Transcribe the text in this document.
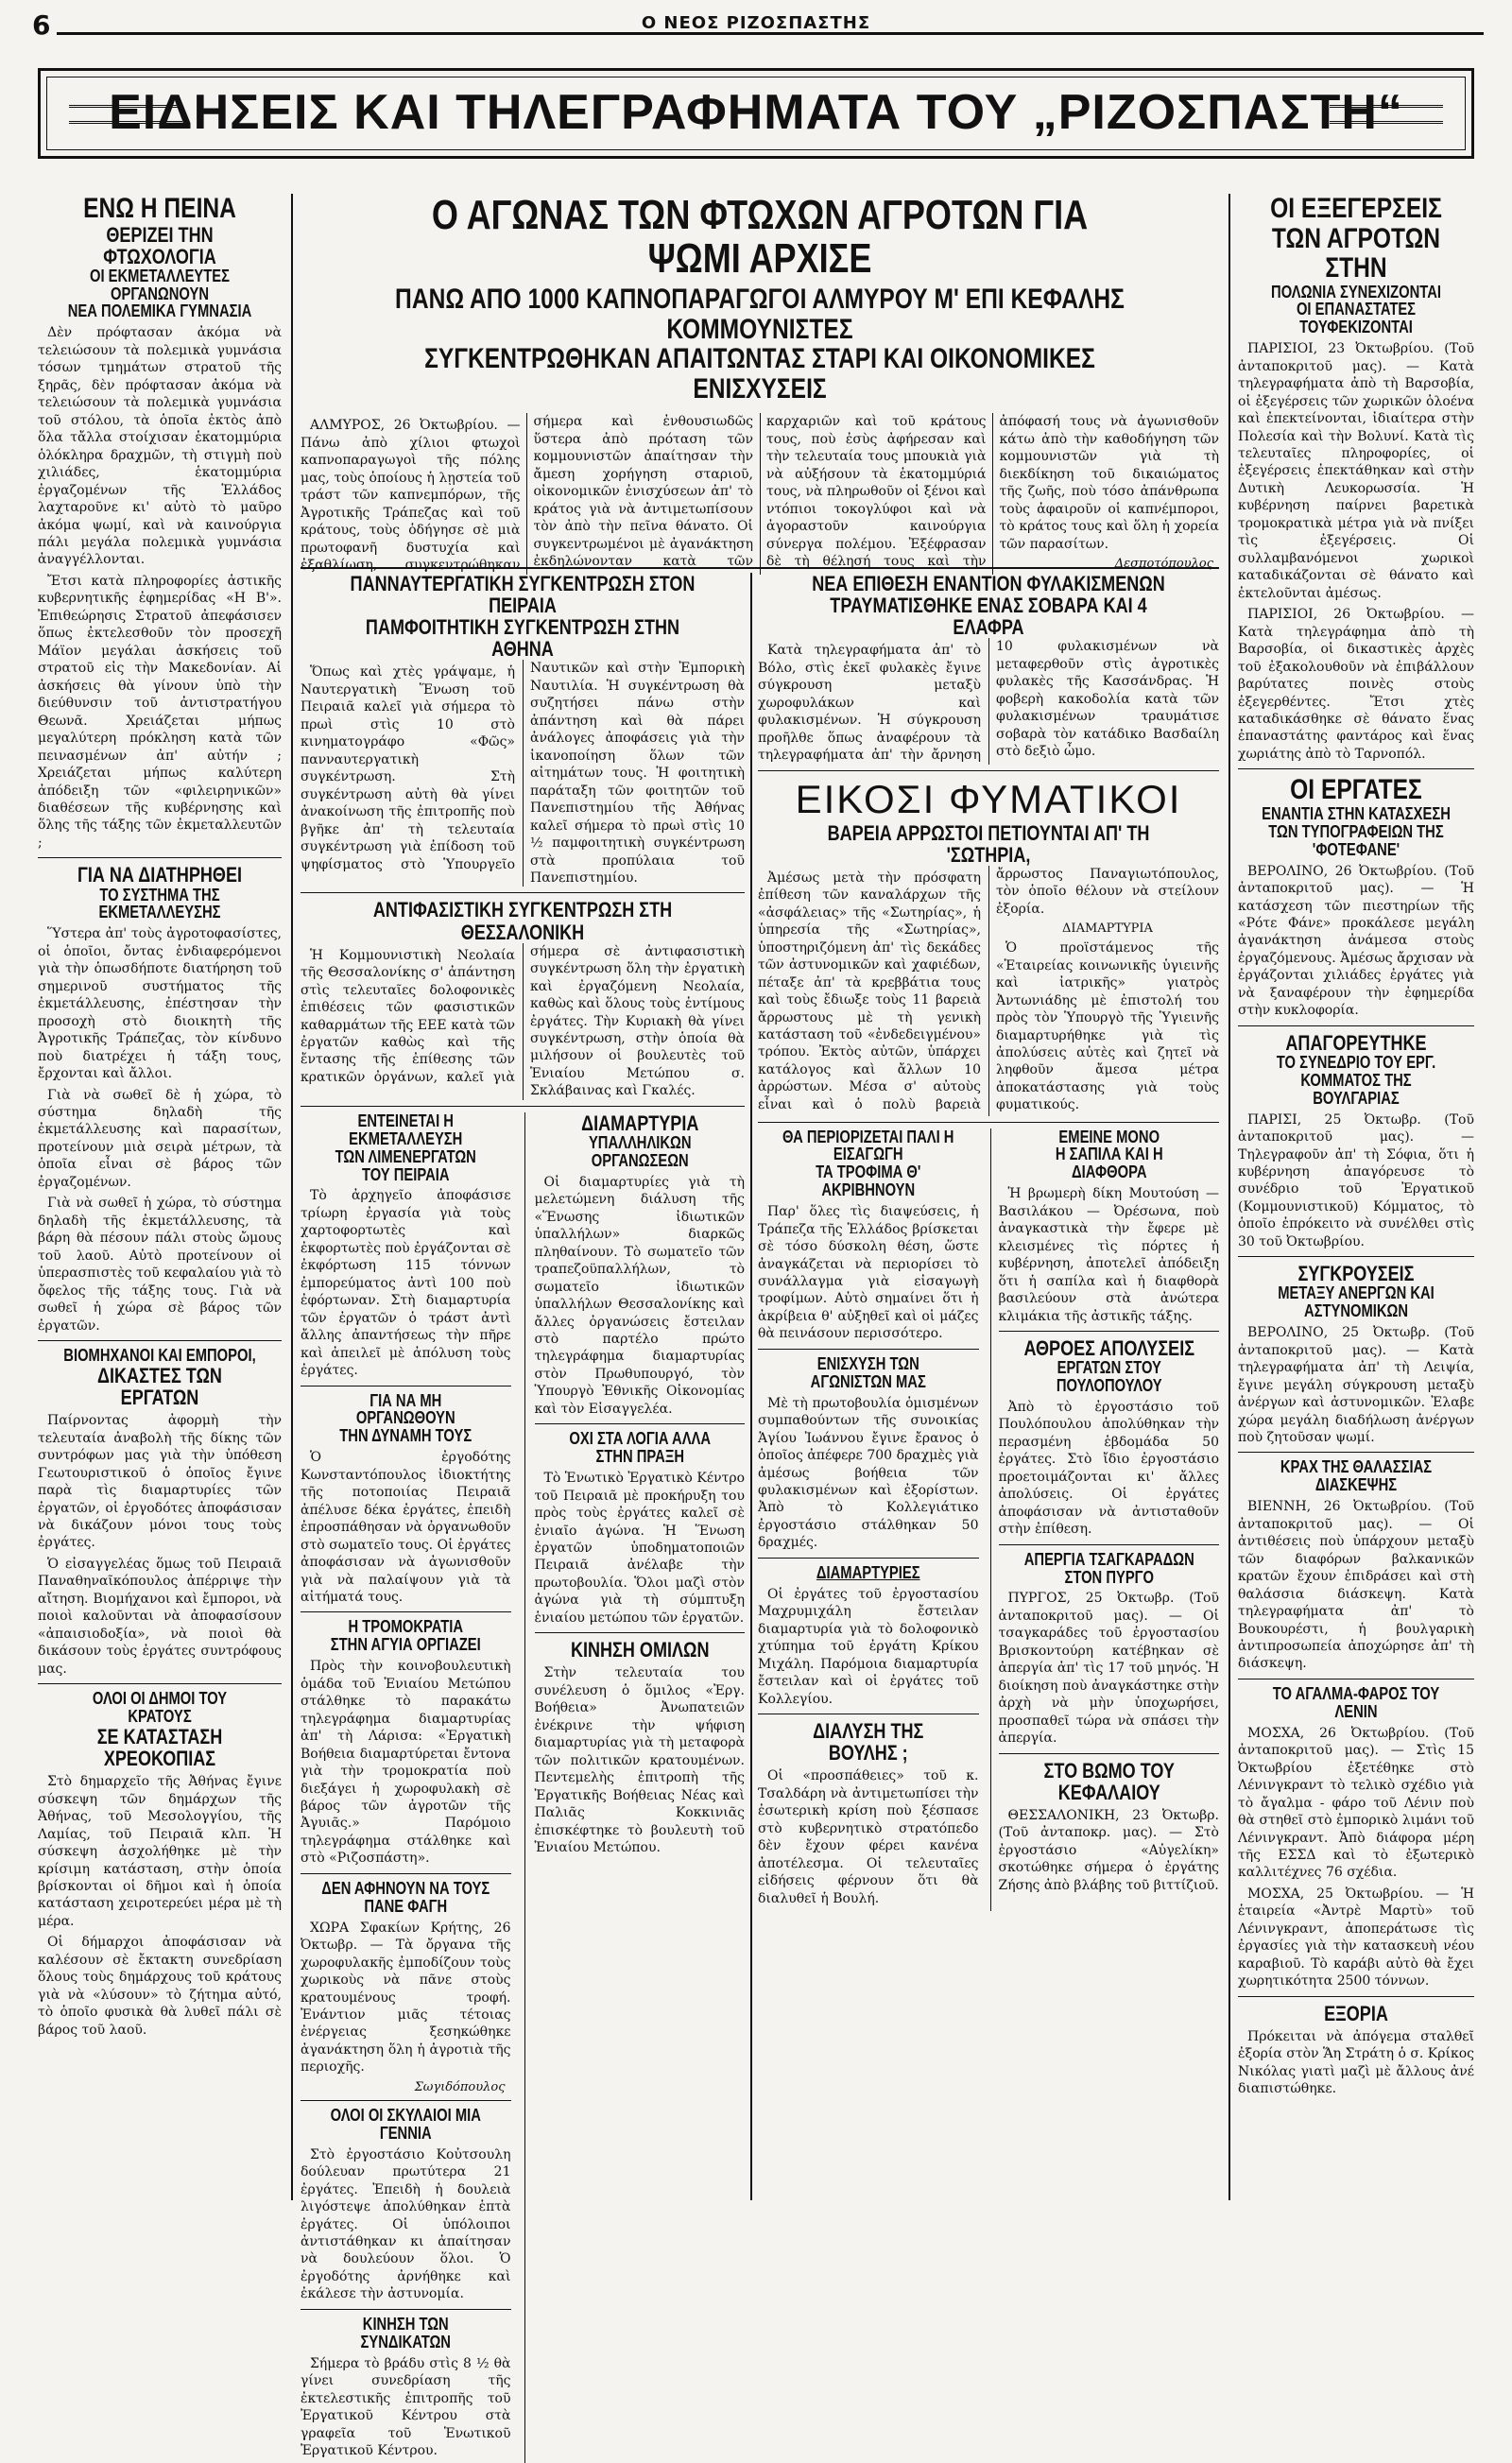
6	Ο ΝΕΟΣ ΡΙΖΟΣΠΑΣΤΗΣ
ΕΙΔΗΣΕΙΣ ΚΑΙ ΤΗΛΕΓΡΑΦΗΜΑΤΑ ΤΟΥ „ΡΙΖΟΣΠΑΣΤΗ“

ΕΝΩ Η ΠΕΙΝΑ

ΘΕΡΙΖΕΙ ΤΗΝ ΦΤΩΧΟΛΟΓΙΑ

ΟΙ ΕΚΜΕΤΑΛΛΕΥΤΕΣ ΟΡΓΑΝΩΝΟΥΝ

ΝΕΑ ΠΟΛΕΜΙΚΑ ΓΥΜΝΑΣΙΑ

Δὲν πρόφτασαν ἀκόμα νὰ τελειώσουν τὰ πολεμικὰ γυμνάσια τόσων τμημάτων στρατοῦ τῆς ξηρᾶς, δὲν πρόφτασαν ἀκόμα νὰ τελειώσουν τὰ πολεμικὰ γυμνάσια τοῦ στόλου, τὰ ὁποῖα ἐκτὸς ἀπὸ ὅλα τἄλλα στοίχισαν ἑκατομμύρια ὁλόκληρα δραχμῶν, τὴ στιγμὴ ποὺ χιλιάδες, ἑκατομμύρια ἐργαζομένων τῆς Ἑλλάδος λαχταροῦνε κι' αὐτὸ τὸ μαῦρο ἀκόμα ψωμί, καὶ νὰ καινούργια πάλι μεγάλα πολεμικὰ γυμνάσια ἀναγγέλλονται.

Ἔτσι κατὰ πληροφορίες ἁστικῆς κυβερνητικῆς ἐφημερίδας «Η Β'». Ἐπιθεώρησις Στρατοῦ ἀπεφάσισεν ὅπως ἐκτελεσθοῦν τὸν προσεχῆ Μάϊον μεγάλαι ἀσκήσεις τοῦ στρατοῦ εἰς τὴν Μακεδονίαν. Αἱ ἀσκήσεις θὰ γίνουν ὑπὸ τὴν διεύθυνσιν τοῦ ἀντιστρατήγου Θεωνᾶ. Χρειάζεται μήπως μεγαλύτερη πρόκληση κατὰ τῶν πεινασμένων ἀπ' αὐτήν ; Χρειάζεται μήπως καλύτερη ἀπόδειξη τῶν «φιλειρηνικῶν» διαθέσεων τῆς κυβέρνησης καὶ ὅλης τῆς τάξης τῶν ἐκμεταλλευτῶν ;

ΓΙΑ ΝΑ ΔΙΑΤΗΡΗΘΕΙ

ΤΟ ΣΥΣΤΗΜΑ ΤΗΣ ΕΚΜΕΤΑΛΛΕΥΣΗΣ

Ὕστερα ἀπ' τοὺς ἀγροτοφασίστες, οἱ ὁποῖοι, ὄντας ἐνδιαφερόμενοι γιὰ τὴν ὁπωσδήποτε διατήρηση τοῦ σημερινοῦ συστήματος τῆς ἐκμετάλλευσης, ἐπέστησαν τὴν προσοχὴ στὸ διοικητὴ τῆς Ἀγροτικῆς Τράπεζας, τὸν κίνδυνο ποὺ διατρέχει ἡ τάξη τους, ἔρχονται καὶ ἄλλοι.

Γιὰ νὰ σωθεῖ δὲ ἡ χώρα, τὸ σύστημα δηλαδὴ τῆς ἐκμετάλλευσης καὶ παρασίτων, προτείνουν μιὰ σειρὰ μέτρων, τὰ ὁποῖα εἶναι σὲ βάρος τῶν ἐργαζομένων.

Γιὰ νὰ σωθεῖ ἡ χώρα, τὸ σύστημα δηλαδὴ τῆς ἐκμετάλλευσης, τὰ βάρη θὰ πέσουν πάλι στοὺς ὤμους τοῦ λαοῦ. Αὐτὸ προτείνουν οἱ ὑπερασπιστὲς τοῦ κεφαλαίου γιὰ τὸ ὄφελος τῆς τάξης τους. Γιὰ νὰ σωθεῖ ἡ χώρα σὲ βάρος τῶν ἐργατῶν.

ΒΙΟΜΗΧΑΝΟΙ ΚΑΙ ΕΜΠΟΡΟΙ,

ΔΙΚΑΣΤΕΣ ΤΩΝ ΕΡΓΑΤΩΝ

Παίρνοντας ἀφορμὴ τὴν τελευταία ἀναβολὴ τῆς δίκης τῶν συντρόφων μας γιὰ τὴν ὑπόθεση Γεωτουριστικοῦ ὁ ὁποῖος ἔγινε παρὰ τὶς διαμαρτυρίες τῶν ἐργατῶν, οἱ ἐργοδότες ἀποφάσισαν νὰ δικάζουν μόνοι τους τοὺς ἐργάτες.

Ὁ εἰσαγγελέας ὅμως τοῦ Πειραιᾶ Παναθηναῖκόπουλος ἀπέρριψε τὴν αἴτηση. Βιομήχανοι καὶ ἔμποροι, νὰ ποιοὶ καλοῦνται νὰ ἀποφασίσουν «ἀπαισιοδοξία», νὰ ποιοὶ θὰ δικάσουν τοὺς ἐργάτες συντρόφους μας.

ΟΛΟΙ ΟΙ ΔΗΜΟΙ ΤΟΥ ΚΡΑΤΟΥΣ

ΣΕ ΚΑΤΑΣΤΑΣΗ ΧΡΕΟΚΟΠΙΑΣ

Στὸ δημαρχεῖο τῆς Ἀθήνας ἔγινε σύσκεψη τῶν δημάρχων τῆς Ἀθήνας, τοῦ Μεσολογγίου, τῆς Λαμίας, τοῦ Πειραιᾶ κλπ. Ἡ σύσκεψη ἀσχολήθηκε μὲ τὴν κρίσιμη κατάσταση, στὴν ὁποία βρίσκονται οἱ δῆμοι καὶ ἡ ὁποία κατάσταση χειροτερεύει μέρα μὲ τὴ μέρα.

Οἱ δήμαρχοι ἀποφάσισαν νὰ καλέσουν σὲ ἔκτακτη συνεδρίαση ὅλους τοὺς δημάρχους τοῦ κράτους γιὰ νὰ «λύσουν» τὸ ζήτημα αὐτό, τὸ ὁποῖο φυσικὰ θὰ λυθεῖ πάλι σὲ βάρος τοῦ λαοῦ.

Ο ΑΓΩΝΑΣ ΤΩΝ ΦΤΩΧΩΝ ΑΓΡΟΤΩΝ ΓΙΑ ΨΩΜΙ ΑΡΧΙΣΕ

ΠΑΝΩ ΑΠΟ 1000 ΚΑΠΝΟΠΑΡΑΓΩΓΟΙ ΑΛΜΥΡΟΥ Μ' ΕΠΙ ΚΕΦΑΛΗΣ ΚΟΜΜΟΥΝΙΣΤΕΣ

ΣΥΓΚΕΝΤΡΩΘΗΚΑΝ ΑΠΑΙΤΩΝΤΑΣ ΣΤΑΡΙ ΚΑΙ ΟΙΚΟΝΟΜΙΚΕΣ ΕΝΙΣΧΥΣΕΙΣ

ΑΛΜΥΡΟΣ, 26 Ὀκτωβρίου. — Πάνω ἀπὸ χίλιοι φτωχοὶ καπνοπαραγωγοὶ τῆς πόλης μας, τοὺς ὁποίους ἡ λῃστεία τοῦ τράστ τῶν καπνεμπόρων, τῆς Ἀγροτικῆς Τράπεζας καὶ τοῦ κράτους, τοὺς ὁδήγησε σὲ μιὰ πρωτοφανῆ δυστυχία καὶ ἐξαθλίωση, συγκεντρώθηκαν σήμερα καὶ ἐνθουσιωδῶς ὕστερα ἀπὸ πρόταση τῶν κομμουνιστῶν ἀπαίτησαν τὴν ἄμεση χορήγηση σταριοῦ, οἰκονομικῶν ἐνισχύσεων ἀπ' τὸ κράτος γιὰ νὰ ἀντιμετωπίσουν τὸν ἀπὸ τὴν πεῖνα θάνατο. Οἱ συγκεντρωμένοι μὲ ἀγανάκτηση ἐκδηλώνονταν κατὰ τῶν καρχαριῶν καὶ τοῦ κράτους τους, ποὺ ἐσὺς ἀφήρεσαν καὶ τὴν τελευταία τους μπουκιὰ γιὰ νὰ αὐξήσουν τὰ ἑκατομμύριά τους, νὰ πληρωθοῦν οἱ ξένοι καὶ ντόπιοι τοκογλύφοι καὶ νὰ ἀγοραστοῦν καινούργια σύνεργα πολέμου. Ἐξέφρασαν δὲ τὴ θέλησή τους καὶ τὴν ἀπόφασή τους νὰ ἀγωνισθοῦν κάτω ἀπὸ τὴν καθοδήγηση τῶν κομμουνιστῶν γιὰ τὴ διεκδίκηση τοῦ δικαιώματος τῆς ζωῆς, ποὺ τόσο ἀπάνθρωπα τοὺς ἀφαιροῦν οἱ καπνέμποροι, τὸ κράτος τους καὶ ὅλη ἡ χορεία τῶν παρασίτων.

Δεσποτόπουλος

ΠΑΝΝΑΥΤΕΡΓΑΤΙΚΗ ΣΥΓΚΕΝΤΡΩΣΗ ΣΤΟΝ ΠΕΙΡΑΙΑ

ΠΑΜΦΟΙΤΗΤΙΚΗ ΣΥΓΚΕΝΤΡΩΣΗ ΣΤΗΝ ΑΘΗΝΑ

Ὅπως καὶ χτὲς γράψαμε, ἡ Ναυτεργατικὴ Ἕνωση τοῦ Πειραιᾶ καλεῖ γιὰ σήμερα τὸ πρωὶ στὶς 10 στὸ κινηματογράφο «Φῶς» πανναυτεργατικὴ συγκέντρωση. Στὴ συγκέντρωση αὐτὴ θὰ γίνει ἀνακοίνωση τῆς ἐπιτροπῆς ποὺ βγῆκε ἀπ' τὴ τελευταία συγκέντρωση γιὰ ἐπίδοση τοῦ ψηφίσματος στὸ Ὑπουργεῖο Ναυτικῶν καὶ στὴν Ἐμπορικὴ Ναυτιλία. Ἡ συγκέντρωση θὰ συζητήσει πάνω στὴν ἀπάντηση καὶ θὰ πάρει ἀνάλογες ἀποφάσεις γιὰ τὴν ἱκανοποίηση ὅλων τῶν αἰτημάτων τους. Ἡ φοιτητικὴ παράταξη τῶν φοιτητῶν τοῦ Πανεπιστημίου τῆς Ἀθήνας καλεῖ σήμερα τὸ πρωὶ στὶς 10 ½ παμφοιτητικὴ συγκέντρωση στὰ προπύλαια τοῦ Πανεπιστημίου.

ΑΝΤΙΦΑΣΙΣΤΙΚΗ ΣΥΓΚΕΝΤΡΩΣΗ ΣΤΗ ΘΕΣΣΑΛΟΝΙΚΗ

Ἡ Κομμουνιστικὴ Νεολαία τῆς Θεσσαλονίκης σ' ἀπάντηση στὶς τελευταῖες δολοφονικὲς ἐπιθέσεις τῶν φασιστικῶν καθαρμάτων τῆς ΕΕΕ κατὰ τῶν ἐργατῶν καθὼς καὶ τῆς ἔντασης τῆς ἐπίθεσης τῶν κρατικῶν ὀργάνων, καλεῖ γιὰ σήμερα σὲ ἀντιφασιστικὴ συγκέντρωση ὅλη τὴν ἐργατικὴ καὶ ἐργαζόμενη Νεολαία, καθὼς καὶ ὅλους τοὺς ἐντίμους ἐργάτες. Τὴν Κυριακὴ θὰ γίνει συγκέντρωση, στὴν ὁποία θὰ μιλήσουν οἱ βουλευτὲς τοῦ Ἑνιαίου Μετώπου σ. Σκλάβαινας καὶ Γκαλές.

ΕΝΤΕΙΝΕΤΑΙ Η ΕΚΜΕΤΑΛΛΕΥΣΗ

ΤΩΝ ΛΙΜΕΝΕΡΓΑΤΩΝ ΤΟΥ ΠΕΙΡΑΙΑ

Τὸ ἀρχηγεῖο ἀποφάσισε τρίωρη ἐργασία γιὰ τοὺς χαρτοφορτωτὲς καὶ ἐκφορτωτὲς ποὺ ἐργάζονται σὲ ἐκφόρτωση 115 τόννων ἐμπορεύματος ἀντὶ 100 ποὺ ἐφόρτωναν. Στὴ διαμαρτυρία τῶν ἐργατῶν ὁ τράστ ἀντὶ ἄλλης ἀπαντήσεως τὴν πῆρε καὶ ἀπειλεῖ μὲ ἀπόλυση τοὺς ἐργάτες.

ΓΙΑ ΝΑ ΜΗ ΟΡΓΑΝΩΘΟΥΝ

ΤΗΝ ΔΥΝΑΜΗ ΤΟΥΣ

Ὁ ἐργοδότης Κωνσταντόπουλος ἰδιοκτήτης τῆς ποτοποιίας Πειραιᾶ ἀπέλυσε δέκα ἐργάτες, ἐπειδὴ ἐπροσπάθησαν νὰ ὀργανωθοῦν στὸ σωματεῖο τους. Οἱ ἐργάτες ἀποφάσισαν νὰ ἀγωνισθοῦν γιὰ νὰ παλαίψουν γιὰ τὰ αἰτήματά τους.

Η ΤΡΟΜΟΚΡΑΤΙΑ

ΣΤΗΝ ΑΓΥΙΑ ΟΡΓΙΑΖΕΙ

Πρὸς τὴν κοινοβουλευτικὴ ὁμάδα τοῦ Ἑνιαίου Μετώπου στάλθηκε τὸ παρακάτω τηλεγράφημα διαμαρτυρίας ἀπ' τὴ Λάρισα: «Ἐργατικὴ Βοήθεια διαμαρτύρεται ἔντονα γιὰ τὴν τρομοκρατία ποὺ διεξάγει ἡ χωροφυλακὴ σὲ βάρος τῶν ἀγροτῶν τῆς Ἀγυιᾶς.» Παρόμοιο τηλεγράφημα στάλθηκε καὶ στὸ «Ριζοσπάστη».

ΔΕΝ ΑΦΗΝΟΥΝ ΝΑ ΤΟΥΣ ΠΑΝΕ ΦΑΓΗ

ΧΩΡΑ Σφακίων Κρήτης, 26 Ὀκτωβρ. — Τὰ ὄργανα τῆς χωροφυλακῆς ἐμποδίζουν τοὺς χωρικοὺς νὰ πᾶνε στοὺς κρατουμένους τροφή. Ἐνάντιον μιᾶς τέτοιας ἐνέργειας ξεσηκώθηκε ἀγανάκτηση ὅλη ἡ ἀγροτιὰ τῆς περιοχῆς.

Σωγιδόπουλος

ΟΛΟΙ ΟΙ ΣΚΥΛΑΙΟΙ ΜΙΑ ΓΕΝΝΙΑ

Στὸ ἐργοστάσιο Κοὐτσουλη δούλευαν πρωτύτερα 21 ἐργάτες. Ἐπειδὴ ἡ δουλειὰ λιγόστεψε ἀπολύθηκαν ἑπτὰ ἐργάτες. Οἱ ὑπόλοιποι ἀντιστάθηκαν κι ἀπαίτησαν νὰ δουλεύουν ὅλοι. Ὁ ἐργοδότης ἀρνήθηκε καὶ ἐκάλεσε τὴν ἀστυνομία.

ΚΙΝΗΣΗ ΤΩΝ ΣΥΝΔΙΚΑΤΩΝ

Σήμερα τὸ βράδυ στὶς 8 ½ θὰ γίνει συνεδρίαση τῆς ἐκτελεστικῆς ἐπιτροπῆς τοῦ Ἐργατικοῦ Κέντρου στὰ γραφεῖα τοῦ Ἑνωτικοῦ Ἐργατικοῦ Κέντρου.

ΔΙΑΜΑΡΤΥΡΙΑ

ΥΠΑΛΛΗΛΙΚΩΝ ΟΡΓΑΝΩΣΕΩΝ

Οἱ διαμαρτυρίες γιὰ τὴ μελετώμενη διάλυση τῆς «Ἕνωσης ἰδιωτικῶν ὑπαλλήλων» διαρκῶς πληθαίνουν. Τὸ σωματεῖο τῶν τραπεζοϋπαλλήλων, τὸ σωματεῖο ἰδιωτικῶν ὑπαλλήλων Θεσσαλονίκης καὶ ἄλλες ὀργανώσεις ἔστειλαν στὸ παρτέλο πρώτο τηλεγράφημα διαμαρτυρίας στὸν Πρωθυπουργό, τὸν Ὑπουργὸ Ἐθνικῆς Οἰκονομίας καὶ τὸν Εἰσαγγελέα.

ΟΧΙ ΣΤΑ ΛΟΓΙΑ ΑΛΛΑ ΣΤΗΝ ΠΡΑΞΗ

Τὸ Ἑνωτικὸ Ἐργατικὸ Κέντρο τοῦ Πειραιᾶ μὲ προκήρυξη του πρὸς τοὺς ἐργάτες καλεῖ σὲ ἐνιαῖο ἀγώνα. Ἡ Ἕνωση ἐργατῶν ὑποδηματοποιῶν Πειραιᾶ ἀνέλαβε τὴν πρωτοβουλία. Ὅλοι μαζὶ στὸν ἀγώνα γιὰ τὴ σύμπτυξη ἑνιαίου μετώπου τῶν ἐργατῶν.

ΚΙΝΗΣΗ ΟΜΙΛΩΝ

Στὴν τελευταία του συνέλευση ὁ ὅμιλος «Ἐργ. Βοήθεια» Ἀνωπατειῶν ἐνέκρινε τὴν ψήφιση διαμαρτυρίας γιὰ τὴ μεταφορὰ τῶν πολιτικῶν κρατουμένων. Πεντεμελὴς ἐπιτροπὴ τῆς Ἐργατικῆς Βοήθειας Νέας καὶ Παλιᾶς Κοκκινιᾶς ἐπισκέφτηκε τὸ βουλευτὴ τοῦ Ἑνιαίου Μετώπου.

ΝΕΑ ΕΠΙΘΕΣΗ ΕΝΑΝΤΙΟΝ ΦΥΛΑΚΙΣΜΕΝΩΝ

ΤΡΑΥΜΑΤΙΣΘΗΚΕ ΕΝΑΣ ΣΟΒΑΡΑ ΚΑΙ 4 ΕΛΑΦΡΑ

Κατὰ τηλεγραφήματα ἀπ' τὸ Βόλο, στὶς ἐκεῖ φυλακὲς ἔγινε σύγκρουση μεταξὺ χωροφυλάκων καὶ φυλακισμένων. Ἡ σύγκρουση προῆλθε ὅπως ἀναφέρουν τὰ τηλεγραφήματα ἀπ' τὴν ἄρνηση 10 φυλακισμένων νὰ μεταφερθοῦν στὶς ἀγροτικὲς φυλακὲς τῆς Κασσάνδρας. Ἡ φοβερὴ κακοδολία κατὰ τῶν φυλακισμένων τραυμάτισε σοβαρὰ τὸν κατάδικο Βασδαίλη στὸ δεξιὸ ὦμο.

ΕΙΚΟΣΙ ΦΥΜΑΤΙΚΟΙ

ΒΑΡΕΙΑ ΑΡΡΩΣΤΟΙ ΠΕΤΙΟΥΝΤΑΙ ΑΠ' ΤΗ 'ΣΩΤΗΡΙΑ,

Ἀμέσως μετὰ τὴν πρόσφατη ἐπίθεση τῶν καναλάρχων τῆς «ἀσφάλειας» τῆς «Σωτηρίας», ἡ ὑπηρεσία τῆς «Σωτηρίας», ὑποστηριζόμενη ἀπ' τὶς δεκάδες τῶν ἀστυνομικῶν καὶ χαφιέδων, πέταξε ἀπ' τὰ κρεββάτια τους καὶ τοὺς ἔδιωξε τοὺς 11 βαρειὰ ἄρρωστους μὲ τὴ γενικὴ κατάσταση τοῦ «ἐνδεδειγμένου» τρόπου. Ἐκτὸς αὐτῶν, ὑπάρχει κατάλογος καὶ ἄλλων 10 ἀρρώστων. Μέσα σ' αὐτοὺς εἶναι καὶ ὁ πολὺ βαρειὰ ἄρρωστος Παναγιωτόπουλος, τὸν ὁποῖο θέλουν νὰ στείλουν ἐξορία.

ΔΙΑΜΑΡΤΥΡΙΑ

Ὁ προϊστάμενος τῆς «Ἑταιρείας κοινωνικῆς ὑγιεινῆς καὶ ἰατρικῆς» γιατρὸς Ἀντωνιάδης μὲ ἐπιστολή του πρὸς τὸν Ὑπουργὸ τῆς Ὑγιεινῆς διαμαρτυρήθηκε γιὰ τὶς ἀπολύσεις αὐτὲς καὶ ζητεῖ νὰ ληφθοῦν ἄμεσα μέτρα ἀποκατάστασης γιὰ τοὺς φυματικούς.

ΘΑ ΠΕΡΙΟΡΙΖΕΤΑΙ ΠΑΛΙ Η ΕΙΣΑΓΩΓΗ

ΤΑ ΤΡΟΦΙΜΑ Θ' ΑΚΡΙΒΗΝΟΥΝ

Παρ' ὅλες τὶς διαψεύσεις, ἡ Τράπεζα τῆς Ἑλλάδος βρίσκεται σὲ τόσο δύσκολη θέση, ὥστε ἀναγκάζεται νὰ περιορίσει τὸ συνάλλαγμα γιὰ εἰσαγωγὴ τροφίμων. Αὐτὸ σημαίνει ὅτι ἡ ἀκρίβεια θ' αὐξηθεῖ καὶ οἱ μάζες θὰ πεινάσουν περισσότερο.

ΕΝΙΣΧΥΣΗ ΤΩΝ ΑΓΩΝΙΣΤΩΝ ΜΑΣ

Μὲ τὴ πρωτοβουλία ὁμισμένων συμπαθούντων τῆς συνοικίας Ἁγίου Ἰωάννου ἔγινε ἔρανος ὁ ὁποῖος ἀπέφερε 700 δραχμὲς γιὰ ἀμέσως βοήθεια τῶν φυλακισμένων καὶ ἐξορίστων. Ἀπὸ τὸ Κολλεγιάτικο ἐργοστάσιο στάλθηκαν 50 δραχμές.

ΔΙΑΜΑΡΤΥΡΙΕΣ

Οἱ ἐργάτες τοῦ ἐργοστασίου Μαχρυμιχάλη ἔστειλαν διαμαρτυρία γιὰ τὸ δολοφονικὸ χτύπημα τοῦ ἐργάτη Κρίκου Μιχάλη. Παρόμοια διαμαρτυρία ἔστειλαν καὶ οἱ ἐργάτες τοῦ Κολλεγίου.

ΔΙΑΛΥΣΗ ΤΗΣ ΒΟΥΛΗΣ ;

Οἱ «προσπάθειες» τοῦ κ. Τσαλδάρη νὰ ἀντιμετωπίσει τὴν ἐσωτερικὴ κρίση ποὺ ξέσπασε στὸ κυβερνητικὸ στρατόπεδο δὲν ἔχουν φέρει κανένα ἀποτέλεσμα. Οἱ τελευταῖες εἰδήσεις φέρνουν ὅτι θὰ διαλυθεῖ ἡ Βουλή.

ΕΜΕΙΝΕ ΜΟΝΟ

Η ΣΑΠΙΛΑ ΚΑΙ Η ΔΙΑΦΘΟΡΑ

Ἡ βρωμερὴ δίκη Μουτούση — Βασιλάκου — Ὀρέσωνα, ποὺ ἀναγκαστικὰ τὴν ἔφερε μὲ κλεισμένες τὶς πόρτες ἡ κυβέρνηση, ἀποτελεῖ ἀπόδειξη ὅτι ἡ σαπίλα καὶ ἡ διαφθορὰ βασιλεύουν στὰ ἀνώτερα κλιμάκια τῆς ἀστικῆς τάξης.

ΑΘΡΟΕΣ ΑΠΟΛΥΣΕΙΣ

ΕΡΓΑΤΩΝ ΣΤΟΥ ΠΟΥΛΟΠΟΥΛΟΥ

Ἀπὸ τὸ ἐργοστάσιο τοῦ Πουλόπουλου ἀπολύθηκαν τὴν περασμένη ἑβδομάδα 50 ἐργάτες. Στὸ ἴδιο ἐργοστάσιο προετοιμάζονται κι' ἄλλες ἀπολύσεις. Οἱ ἐργάτες ἀποφάσισαν νὰ ἀντισταθοῦν στὴν ἐπίθεση.

ΑΠΕΡΓΙΑ ΤΣΑΓΚΑΡΑΔΩΝ ΣΤΟΝ ΠΥΡΓΟ

ΠΥΡΓΟΣ, 25 Ὀκτωβρ. (Τοῦ ἀνταποκριτοῦ μας). — Οἱ τσαγκαράδες τοῦ ἐργοστασίου Βρισκοντούρη κατέβηκαν σὲ ἀπεργία ἀπ' τὶς 17 τοῦ μηνός. Ἡ διοίκηση ποὺ ἀναγκάστηκε στὴν ἀρχὴ νὰ μὴν ὑποχωρήσει, προσπαθεῖ τώρα νὰ σπάσει τὴν ἀπεργία.

ΣΤΟ ΒΩΜΟ ΤΟΥ ΚΕΦΑΛΑΙΟΥ

ΘΕΣΣΑΛΟΝΙΚΗ, 23 Ὀκτωβρ. (Τοῦ ἀνταποκρ. μας). — Στὸ ἐργοστάσιο «Αὐγελίκη» σκοτώθηκε σήμερα ὁ ἐργάτης Ζήσης ἀπὸ βλάβης τοῦ βιττίζιοῦ.

ΟΙ ΕΞΕΓΕΡΣΕΙΣ

ΤΩΝ ΑΓΡΟΤΩΝ ΣΤΗΝ

ΠΟΛΩΝΙΑ ΣΥΝΕΧΙΖΟΝΤΑΙ

ΟΙ ΕΠΑΝΑΣΤΑΤΕΣ ΤΟΥΦΕΚΙΖΟΝΤΑΙ

ΠΑΡΙΣΙΟΙ, 23 Ὀκτωβρίου. (Τοῦ ἀνταποκριτοῦ μας). — Κατὰ τηλεγραφήματα ἀπὸ τὴ Βαρσοβία, οἱ ἐξεγέρσεις τῶν χωρικῶν ὁλοένα καὶ ἐπεκτείνονται, ἰδιαίτερα στὴν Πολεσία καὶ τὴν Βολυνί. Κατὰ τὶς τελευταῖες πληροφορίες, οἱ ἐξεγέρσεις ἐπεκτάθηκαν καὶ στὴν Δυτικὴ Λευκορωσσία. Ἡ κυβέρνηση παίρνει βαρετικὰ τρομοκρατικὰ μέτρα γιὰ νὰ πνίξει τὶς ἐξεγέρσεις. Οἱ συλλαμβανόμενοι χωρικοὶ καταδικάζονται σὲ θάνατο καὶ ἐκτελοῦνται ἀμέσως.

ΠΑΡΙΣΙΟΙ, 26 Ὀκτωβρίου. — Κατὰ τηλεγράφημα ἀπὸ τὴ Βαρσοβία, οἱ δικαστικὲς ἀρχὲς τοῦ ἐξακολουθοῦν νὰ ἐπιβάλλουν βαρύτατες ποινὲς στοὺς ἐξεγερθέντες. Ἔτσι χτὲς καταδικάσθηκε σὲ θάνατο ἕνας ἐπαναστάτης φαντάρος καὶ ἕνας χωριάτης ἀπὸ τὸ Ταρνοπόλ.

ΟΙ ΕΡΓΑΤΕΣ

ΕΝΑΝΤΙΑ ΣΤΗΝ ΚΑΤΑΣΧΕΣΗ

ΤΩΝ ΤΥΠΟΓΡΑΦΕΙΩΝ ΤΗΣ 'ΦΟΤΕΦΑΝΕ'

ΒΕΡΟΛΙΝΟ, 26 Ὀκτωβρίου. (Τοῦ ἀνταποκριτοῦ μας). — Ἡ κατάσχεση τῶν πιεστηρίων τῆς «Ρότε Φάνε» προκάλεσε μεγάλη ἀγανάκτηση ἀνάμεσα στοὺς ἐργαζόμενους. Ἀμέσως ἄρχισαν νὰ ἐργάζονται χιλιάδες ἐργάτες γιὰ νὰ ξαναφέρουν τὴν ἐφημερίδα στὴν κυκλοφορία.

ΑΠΑΓΟΡΕΥΤΗΚΕ

ΤΟ ΣΥΝΕΔΡΙΟ ΤΟΥ ΕΡΓ.

ΚΟΜΜΑΤΟΣ ΤΗΣ ΒΟΥΛΓΑΡΙΑΣ

ΠΑΡΙΣΙ, 25 Ὀκτωβρ. (Τοῦ ἀνταποκριτοῦ μας). — Τηλεγραφοῦν ἀπ' τὴ Σόφια, ὅτι ἡ κυβέρνηση ἀπαγόρευσε τὸ συνέδριο τοῦ Ἐργατικοῦ (Κομμουνιστικοῦ) Κόμματος, τὸ ὁποῖο ἐπρόκειτο νὰ συνέλθει στὶς 30 τοῦ Ὀκτωβρίου.

ΣΥΓΚΡΟΥΣΕΙΣ

ΜΕΤΑΞΥ ΑΝΕΡΓΩΝ ΚΑΙ ΑΣΤΥΝΟΜΙΚΩΝ

ΒΕΡΟΛΙΝΟ, 25 Ὀκτωβρ. (Τοῦ ἀνταποκριτοῦ μας). — Κατὰ τηλεγραφήματα ἀπ' τὴ Λειψία, ἔγινε μεγάλη σύγκρουση μεταξὺ ἀνέργων καὶ ἀστυνομικῶν. Ἐλαβε χώρα μεγάλη διαδήλωση ἀνέργων ποὺ ζητοῦσαν ψωμί.

ΚΡΑΧ ΤΗΣ ΘΑΛΑΣΣΙΑΣ ΔΙΑΣΚΕΨΗΣ

ΒΙΕΝΝΗ, 26 Ὀκτωβρίου. (Τοῦ ἀνταποκριτοῦ μας). — Οἱ ἀντιθέσεις ποὺ ὑπάρχουν μεταξὺ τῶν διαφόρων βαλκανικῶν κρατῶν ἔχουν ἐπιδράσει καὶ στὴ θαλάσσια διάσκεψη. Κατὰ τηλεγραφήματα ἀπ' τὸ Βουκουρέστι, ἡ βουλγαρικὴ ἀντιπροσωπεία ἀποχώρησε ἀπ' τὴ διάσκεψη.

ΤΟ ΑΓΑΛΜΑ-ΦΑΡΟΣ ΤΟΥ ΛΕΝΙΝ

ΜΟΣΧΑ, 26 Ὀκτωβρίου. (Τοῦ ἀνταποκριτοῦ μας). — Στὶς 15 Ὀκτωβρίου ἐξετέθηκε στὸ Λένινγκραντ τὸ τελικὸ σχέδιο γιὰ τὸ ἄγαλμα - φάρο τοῦ Λένιν ποὺ θὰ στηθεῖ στὸ ἐμπορικὸ λιμάνι τοῦ Λένινγκραντ. Ἀπὸ διάφορα μέρη τῆς ΕΣΣΔ καὶ τὸ ἐξωτερικὸ καλλιτέχνες 76 σχέδια.

ΜΟΣΧΑ, 25 Ὀκτωβρίου. — Ἡ ἑταιρεία «Ἀντρὲ Μαρτὺ» τοῦ Λένινγκραντ, ἀποπεράτωσε τὶς ἐργασίες γιὰ τὴν κατασκευὴ νέου καραβιοῦ. Τὸ καράβι αὐτὸ θὰ ἔχει χωρητικότητα 2500 τόννων.

ΕΞΟΡΙΑ

Πρόκειται νὰ ἀπόγεμα σταλθεῖ ἐξορία στὸν Ἅη Στράτη ὁ σ. Κρίκος Νικόλας γιατὶ μαζὶ μὲ ἄλλους ἀνέ διαπιστώθηκε.
